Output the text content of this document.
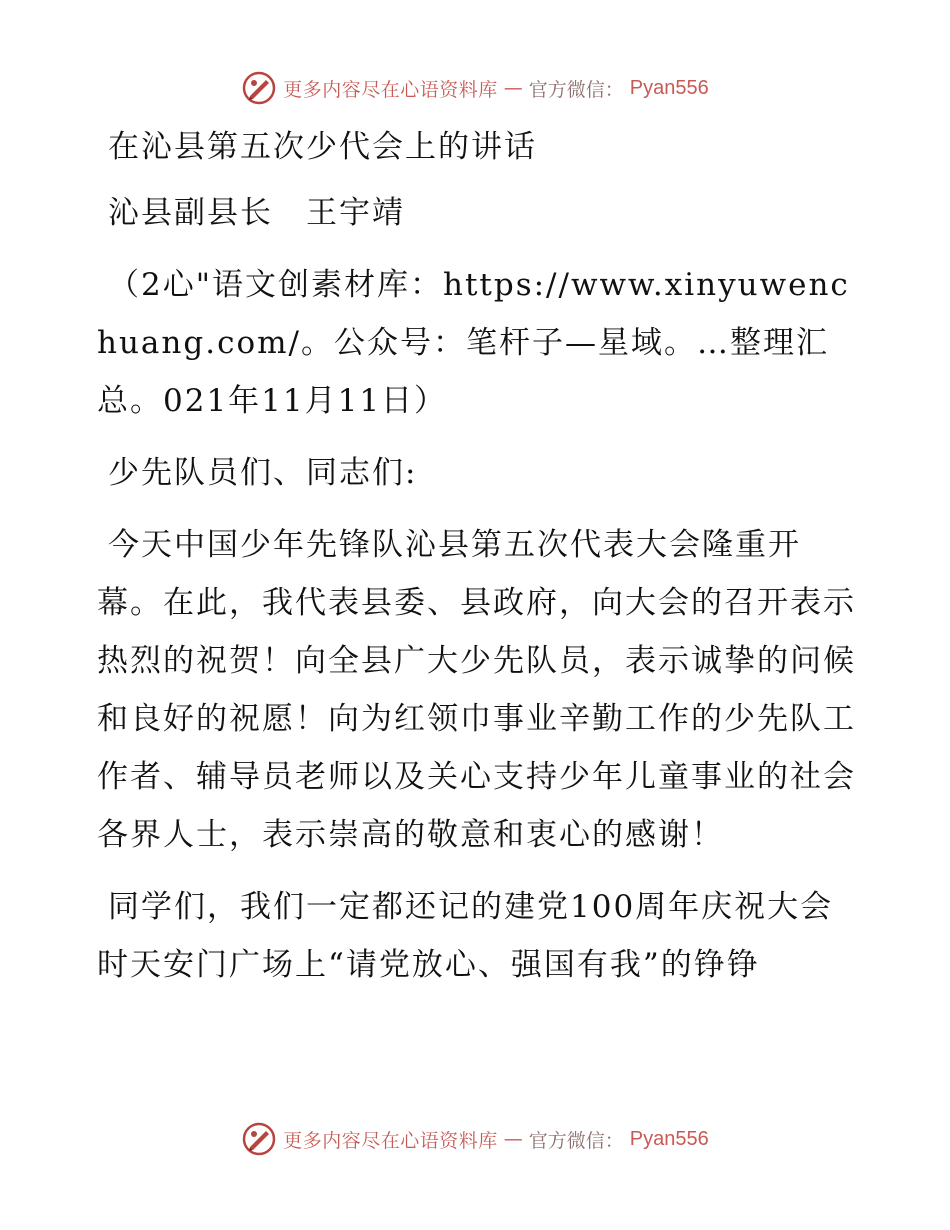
更多内容尽在心语资料库 — 官方微信： Pyan556

在沁县第五次少代会上的讲话

沁县副县长　王宇靖

（2心"语文创素材库：https://www.xinyuwenchuang.com/。公众号：笔杆子—星域。…整理汇总。021年11月11日）

少先队员们、同志们:

今天中国少年先锋队沁县第五次代表大会隆重开幕。在此，我代表县委、县政府，向大会的召开表示热烈的祝贺！向全县广大少先队员，表示诚挚的问候和良好的祝愿！向为红领巾事业辛勤工作的少先队工作者、辅导员老师以及关心支持少年儿童事业的社会各界人士，表示崇高的敬意和衷心的感谢！

同学们，我们一定都还记的建党100周年庆祝大会时天安门广场上“请党放心、强国有我”的铮铮

更多内容尽在心语资料库 — 官方微信： Pyan556
